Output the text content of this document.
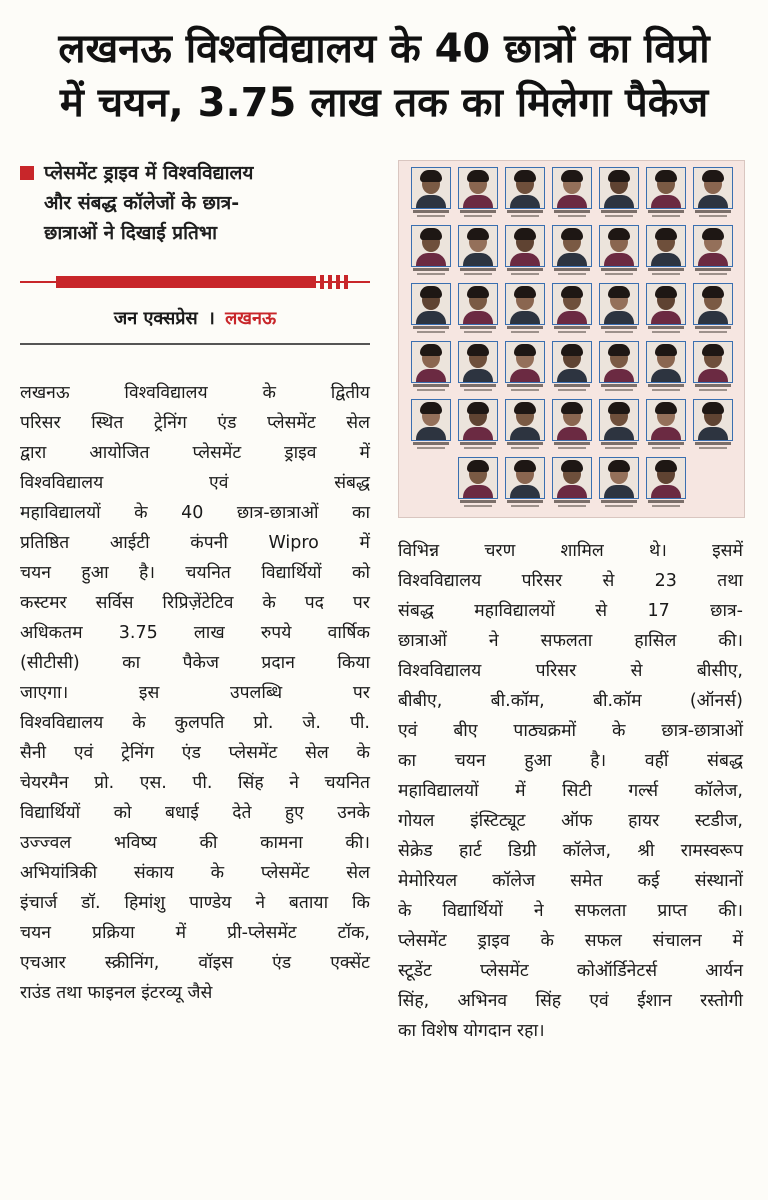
लखनऊ विश्वविद्यालय के 40 छात्रों का विप्रो
में चयन, 3.75 लाख तक का मिलेगा पैकेज
प्लेसमेंट ड्राइव में विश्वविद्यालय
और संबद्ध कॉलेजों के छात्र-
छात्राओं ने दिखाई प्रतिभा
जन एक्सप्रेस । लखनऊ
लखनऊ	विश्वविद्यालय	के	द्वितीय
परिसर स्थित ट्रेनिंग एंड प्लेसमेंट सेल
द्वारा आयोजित प्लेसमेंट ड्राइव में
विश्वविद्यालय	एवं	संबद्ध
महाविद्यालयों के 40 छात्र-छात्राओं का
प्रतिष्ठित आईटी कंपनी Wipro में
चयन हुआ है। चयनित विद्यार्थियों को
कस्टमर सर्विस रिप्रिज़ेंटेटिव के पद पर
अधिकतम 3.75 लाख रुपये वार्षिक
(सीटीसी) का पैकेज प्रदान किया
जाएगा।	इस	उपलब्धि	पर
विश्वविद्यालय के कुलपति प्रो. जे. पी.
सैनी एवं ट्रेनिंग एंड प्लेसमेंट सेल के
चेयरमैन प्रो. एस. पी. सिंह ने चयनित
विद्यार्थियों को बधाई देते हुए उनके
उज्ज्वल भविष्य की कामना की।
अभियांत्रिकी संकाय के प्लेसमेंट सेल
इंचार्ज डॉ. हिमांशु पाण्डेय ने बताया कि
चयन प्रक्रिया में प्री-प्लेसमेंट टॉक,
एचआर स्क्रीनिंग, वॉइस एंड एक्सेंट
राउंड तथा फाइनल इंटरव्यू जैसे
विभिन्न	चरण	शामिल	थे।	इसमें
विश्वविद्यालय परिसर से 23 तथा
संबद्ध महाविद्यालयों से 17 छात्र-
छात्राओं ने सफलता हासिल की।
विश्वविद्यालय	परिसर	से	बीसीए,
बीबीए,	बी.कॉम,	बी.कॉम	(ऑनर्स)
एवं बीए पाठ्यक्रमों के छात्र-छात्राओं
का चयन हुआ है। वहीं संबद्ध
महाविद्यालयों में सिटी गर्ल्स कॉलेज,
गोयल इंस्टिट्यूट ऑफ हायर स्टडीज,
सेक्रेड हार्ट डिग्री कॉलेज, श्री रामस्वरूप
मेमोरियल कॉलेज समेत कई संस्थानों
के विद्यार्थियों ने सफलता प्राप्त की।
प्लेसमेंट ड्राइव के सफल संचालन में
स्टूडेंट	प्लेसमेंट	कोऑर्डिनेटर्स	आर्यन
सिंह, अभिनव सिंह एवं ईशान रस्तोगी
का विशेष योगदान रहा।
